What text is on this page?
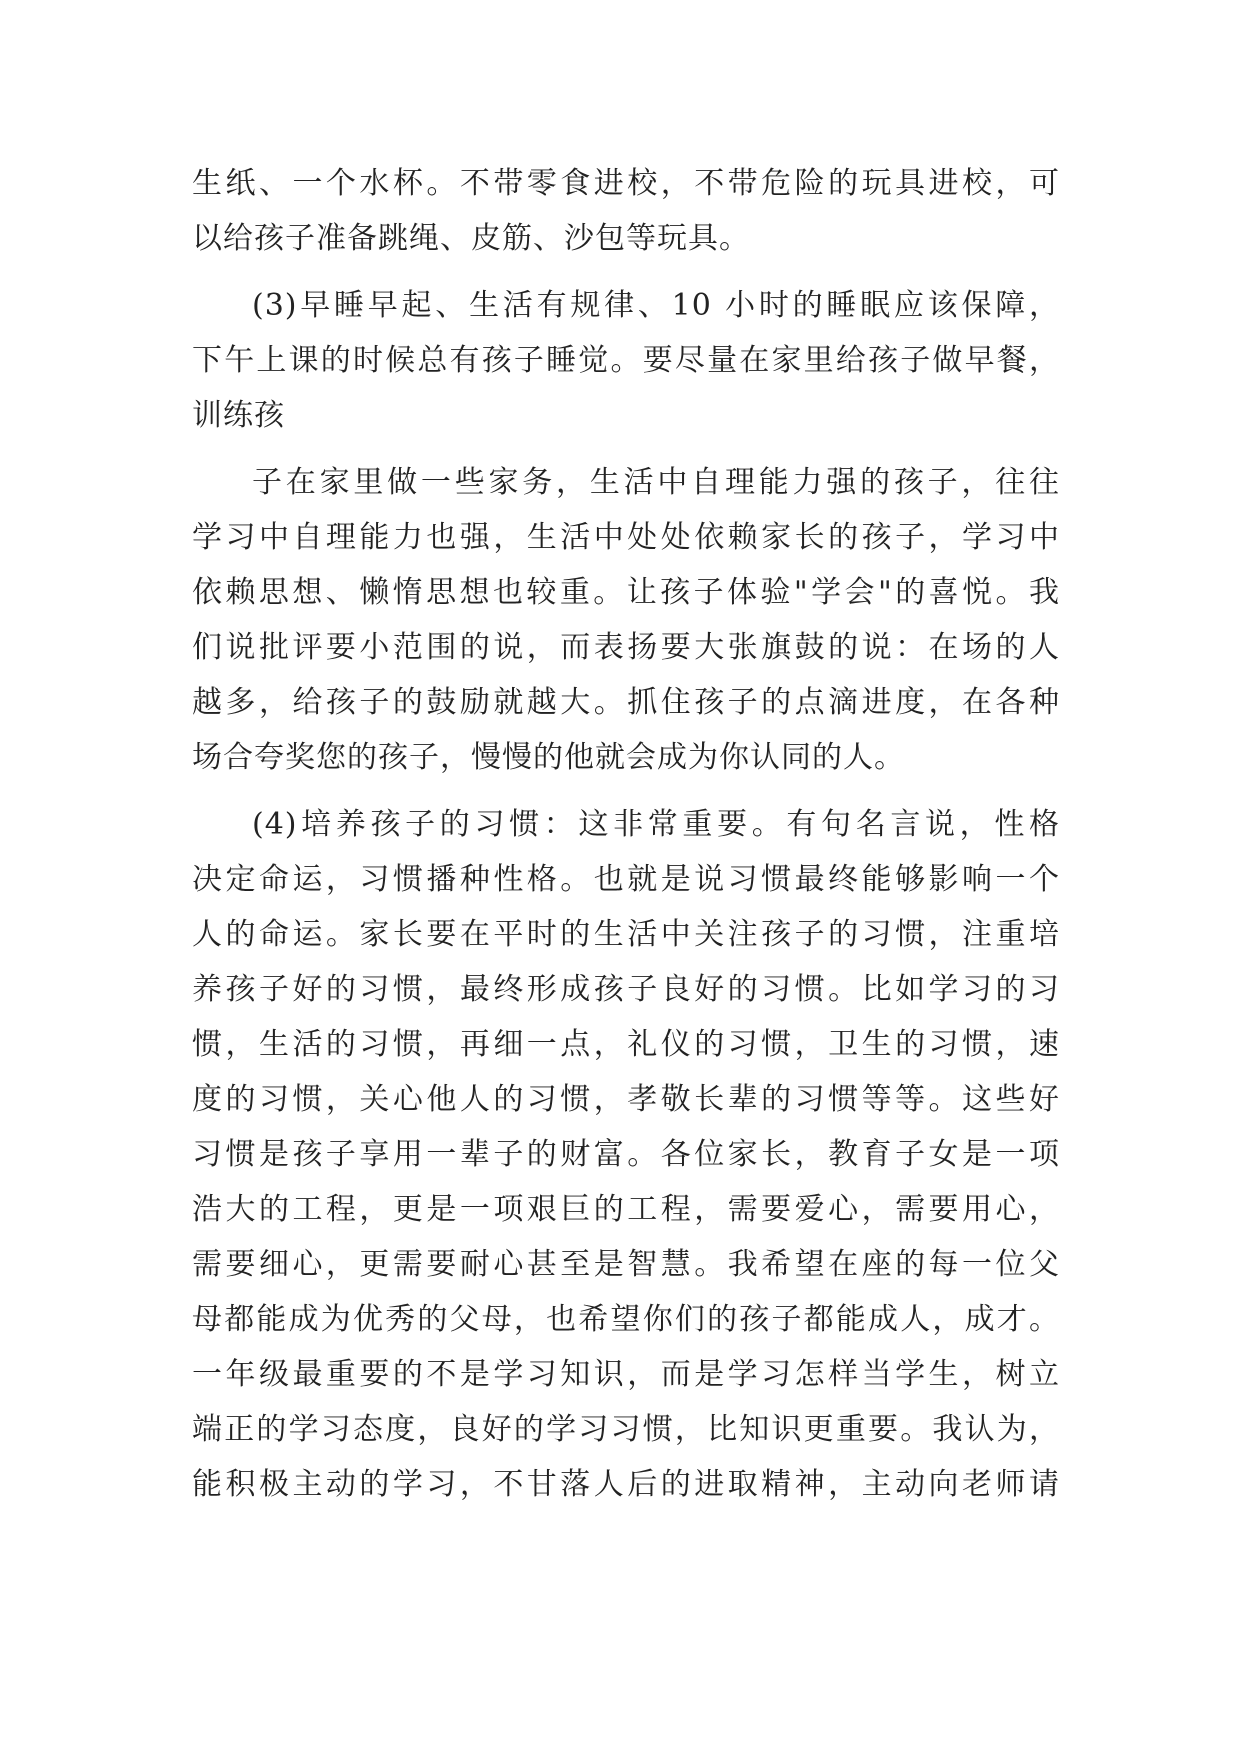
生纸、一个水杯。不带零食进校，不带危险的玩具进校，可
以给孩子准备跳绳、皮筋、沙包等玩具。
(3)早睡早起、生活有规律、10 小时的睡眠应该保障，
下午上课的时候总有孩子睡觉。要尽量在家里给孩子做早餐，
训练孩
子在家里做一些家务，生活中自理能力强的孩子，往往
学习中自理能力也强，生活中处处依赖家长的孩子，学习中
依赖思想、懒惰思想也较重。让孩子体验"学会"的喜悦。我
们说批评要小范围的说，而表扬要大张旗鼓的说：在场的人
越多，给孩子的鼓励就越大。抓住孩子的点滴进度，在各种
场合夸奖您的孩子，慢慢的他就会成为你认同的人。
(4)培养孩子的习惯：这非常重要。有句名言说，性格
决定命运，习惯播种性格。也就是说习惯最终能够影响一个
人的命运。家长要在平时的生活中关注孩子的习惯，注重培
养孩子好的习惯，最终形成孩子良好的习惯。比如学习的习
惯，生活的习惯，再细一点，礼仪的习惯，卫生的习惯，速
度的习惯，关心他人的习惯，孝敬长辈的习惯等等。这些好
习惯是孩子享用一辈子的财富。各位家长，教育子女是一项
浩大的工程，更是一项艰巨的工程，需要爱心，需要用心，
需要细心，更需要耐心甚至是智慧。我希望在座的每一位父
母都能成为优秀的父母，也希望你们的孩子都能成人，成才。
一年级最重要的不是学习知识，而是学习怎样当学生，树立
端正的学习态度，良好的学习习惯，比知识更重要。我认为，
能积极主动的学习，不甘落人后的进取精神，主动向老师请
